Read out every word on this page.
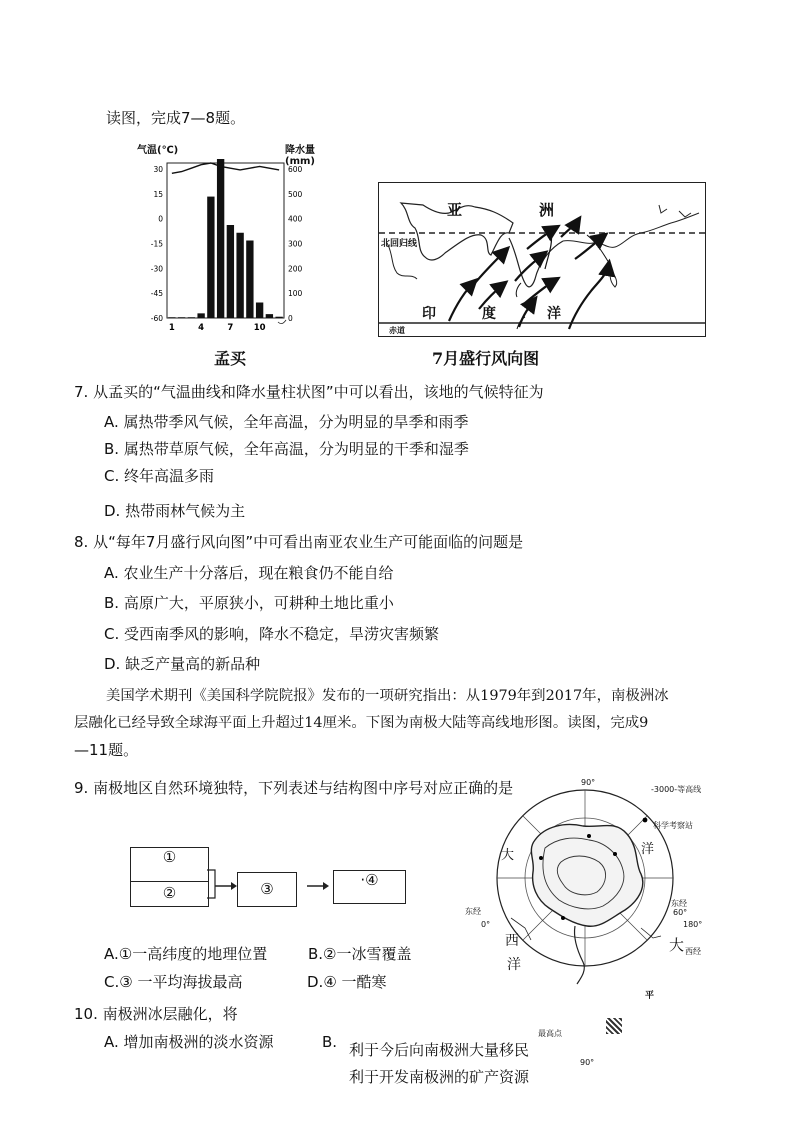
读图，完成7—8题。
气温(℃)	降水量(mm)
30
15
0
-15
-30
-45
-60
600
500
400
300
200
100
0
1	4	7 10
孟买
亚	洲
北回归线
赤道
印	度	洋
7月盛行风向图
7. 从孟买的“气温曲线和降水量柱状图”中可以看出，该地的气候特征为
A. 属热带季风气候，全年高温，分为明显的旱季和雨季
B. 属热带草原气候，全年高温，分为明显的干季和湿季
C. 终年高温多雨
D. 热带雨林气候为主
8. 从“每年7月盛行风向图”中可看出南亚农业生产可能面临的问题是
A. 农业生产十分落后，现在粮食仍不能自给
B. 高原广大，平原狭小，可耕种土地比重小
C. 受西南季风的影响，降水不稳定，旱涝灾害频繁
D. 缺乏产量高的新品种
美国学术期刊《美国科学院院报》发布的一项研究指出：从1979年到2017年，南极洲冰
层融化已经导致全球海平面上升超过14厘米。下图为南极大陆等高线地形图。读图，完成9
—11题。
9. 南极地区自然环境独特，下列表述与结构图中序号对应正确的是
①
②	③	·④
A.①一高纬度的地理位置	B.②一冰雪覆盖
C.③ 一平均海拔最高	D.④ 一酷寒
90°
-3000-等高线
科学考察站
大	洋
东经
0°
东经
60°
180°
西
洋
大 西经
平
最高点
90°
10. 南极洲冰层融化，将
A. 增加南极洲的淡水资源	B. 利于今后向南极洲大量移民
利于开发南极洲的矿产资源
